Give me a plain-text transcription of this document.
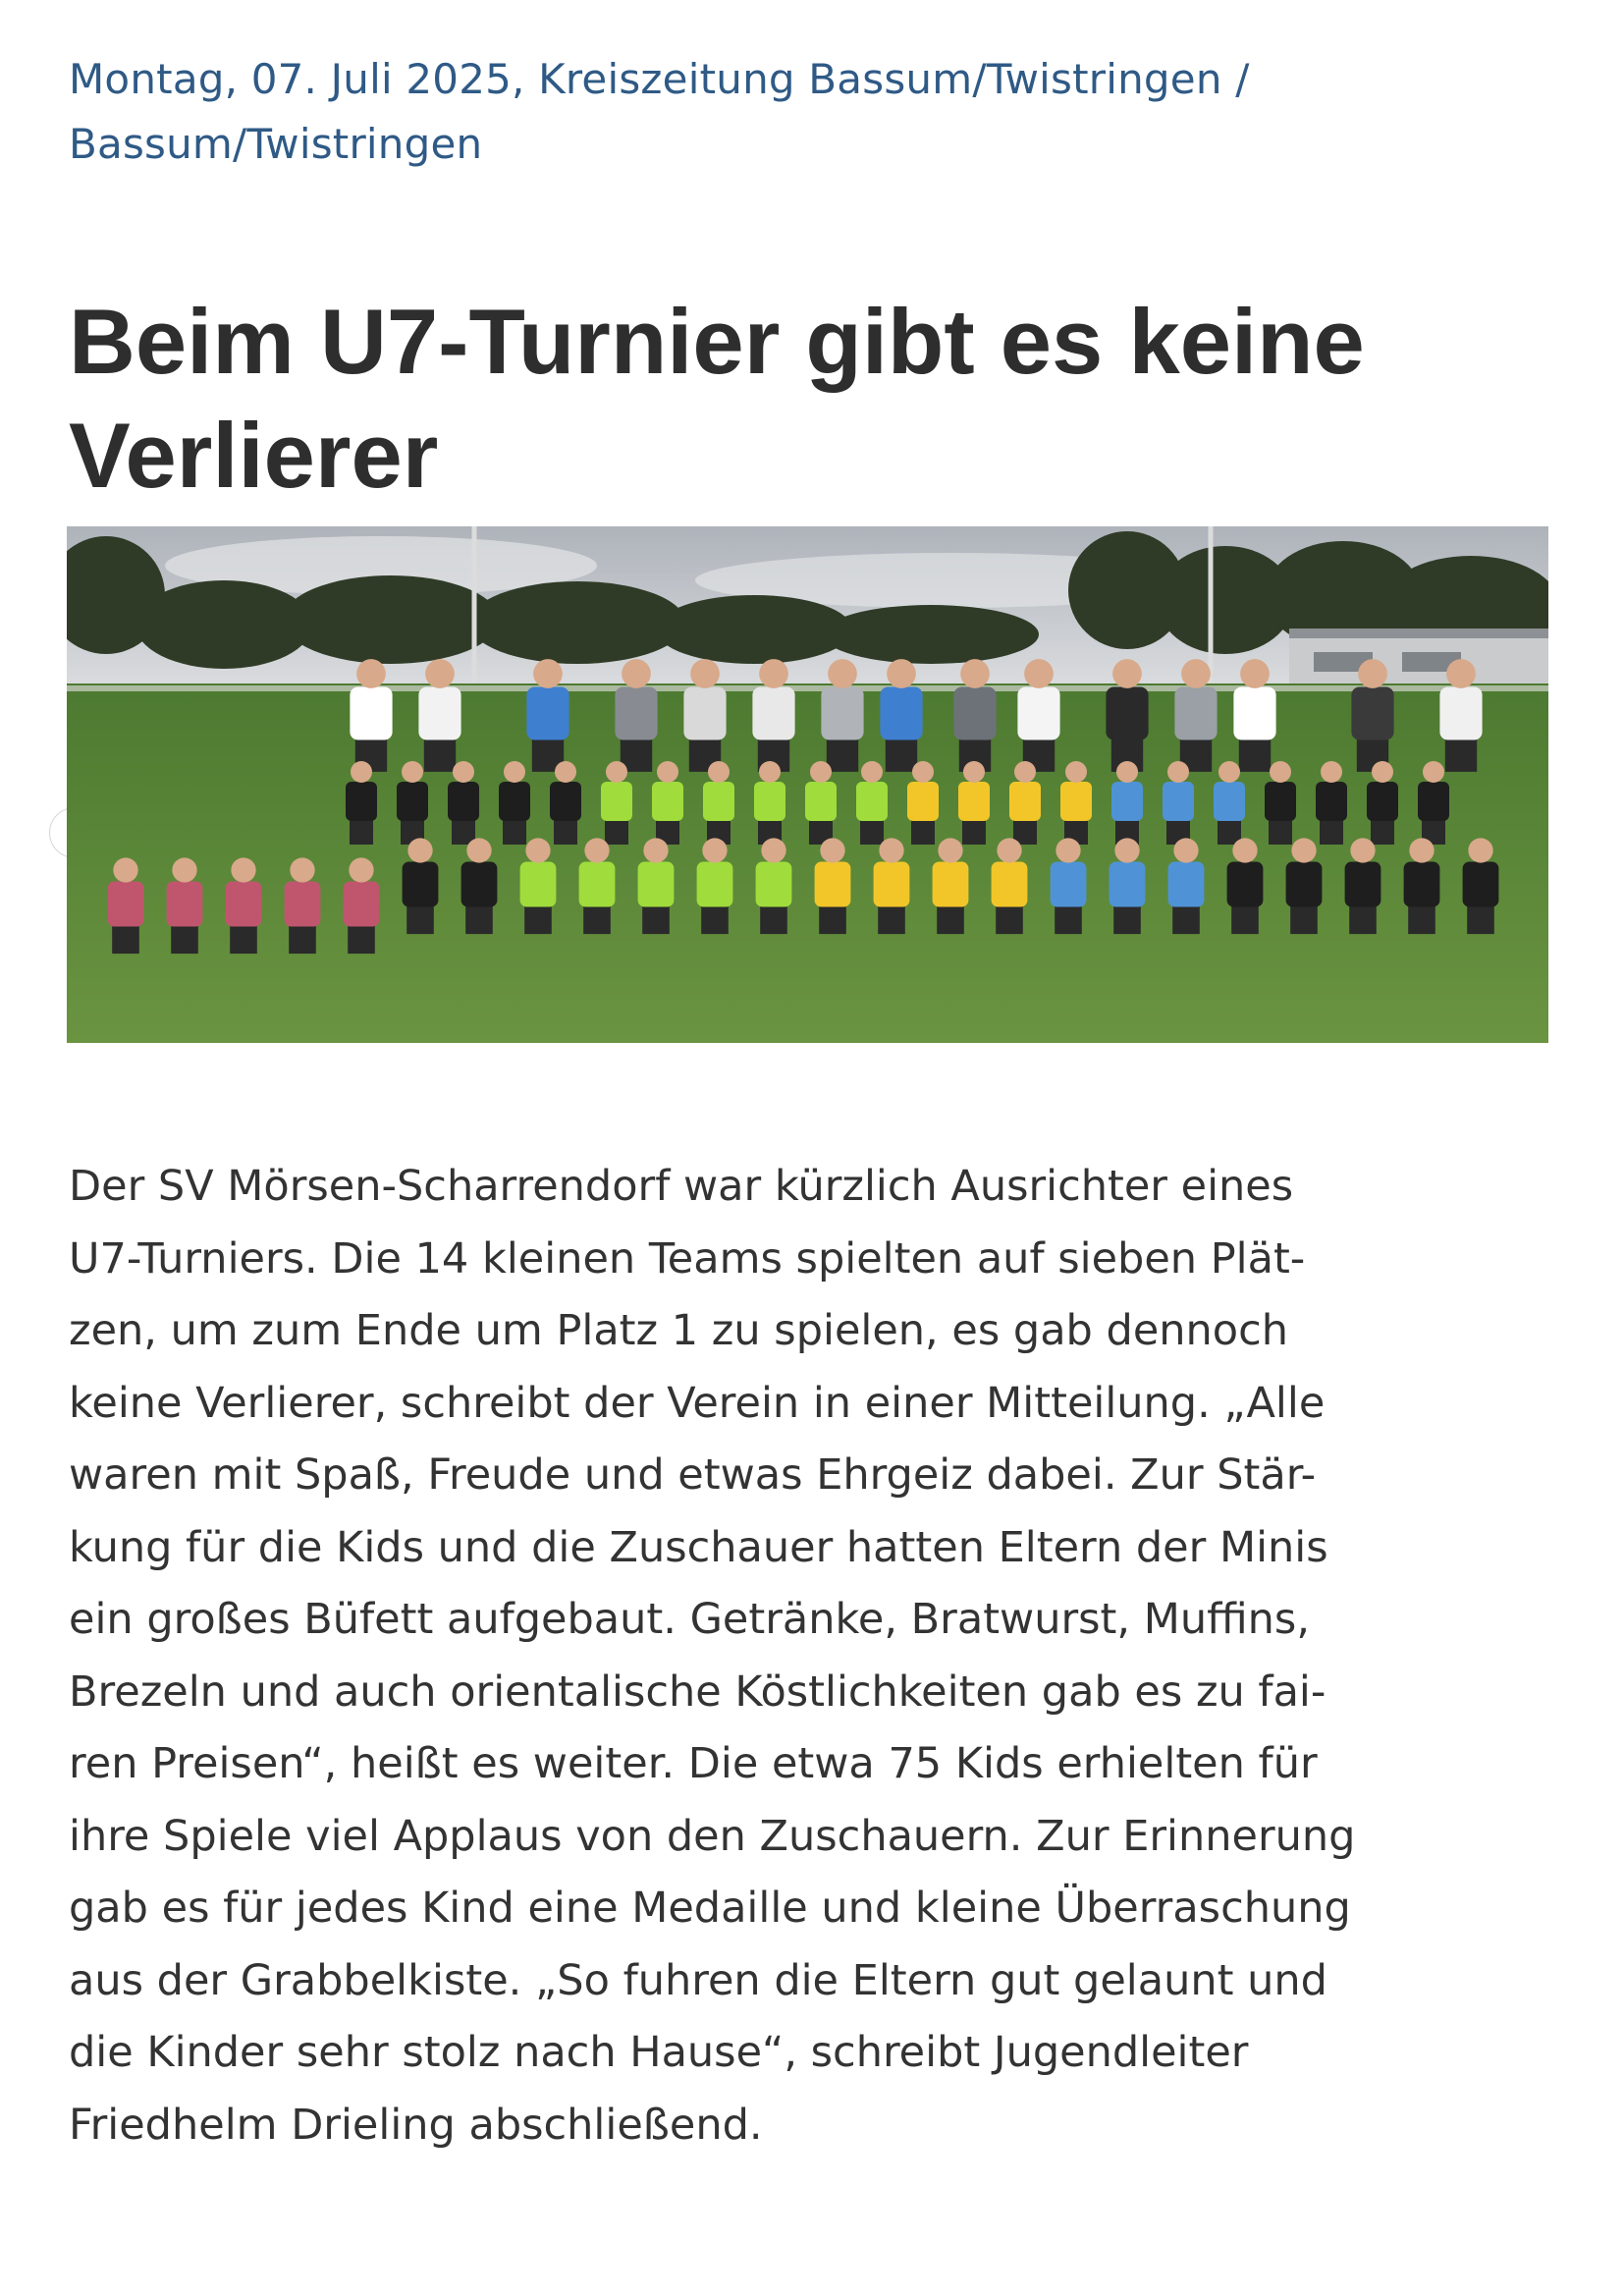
Montag, 07. Juli 2025, Kreiszeitung Bassum/Twistringen /
Bassum/Twistringen
Beim U7-Turnier gibt es keine
Verlierer

Der SV Mörsen-Scharrendorf war kürzlich Ausrichter eines
U7-Turniers. Die 14 kleinen Teams spielten auf sieben Plät-
zen, um zum Ende um Platz 1 zu spielen, es gab dennoch
keine Verlierer, schreibt der Verein in einer Mitteilung. „Alle
waren mit Spaß, Freude und etwas Ehrgeiz dabei. Zur Stär-
kung für die Kids und die Zuschauer hatten Eltern der Minis
ein großes Büfett aufgebaut. Getränke, Bratwurst, Muffins,
Brezeln und auch orientalische Köstlichkeiten gab es zu fai-
ren Preisen“, heißt es weiter. Die etwa 75 Kids erhielten für
ihre Spiele viel Applaus von den Zuschauern. Zur Erinnerung
gab es für jedes Kind eine Medaille und kleine Überraschung
aus der Grabbelkiste. „So fuhren die Eltern gut gelaunt und
die Kinder sehr stolz nach Hause“, schreibt Jugendleiter
Friedhelm Drieling abschließend.
